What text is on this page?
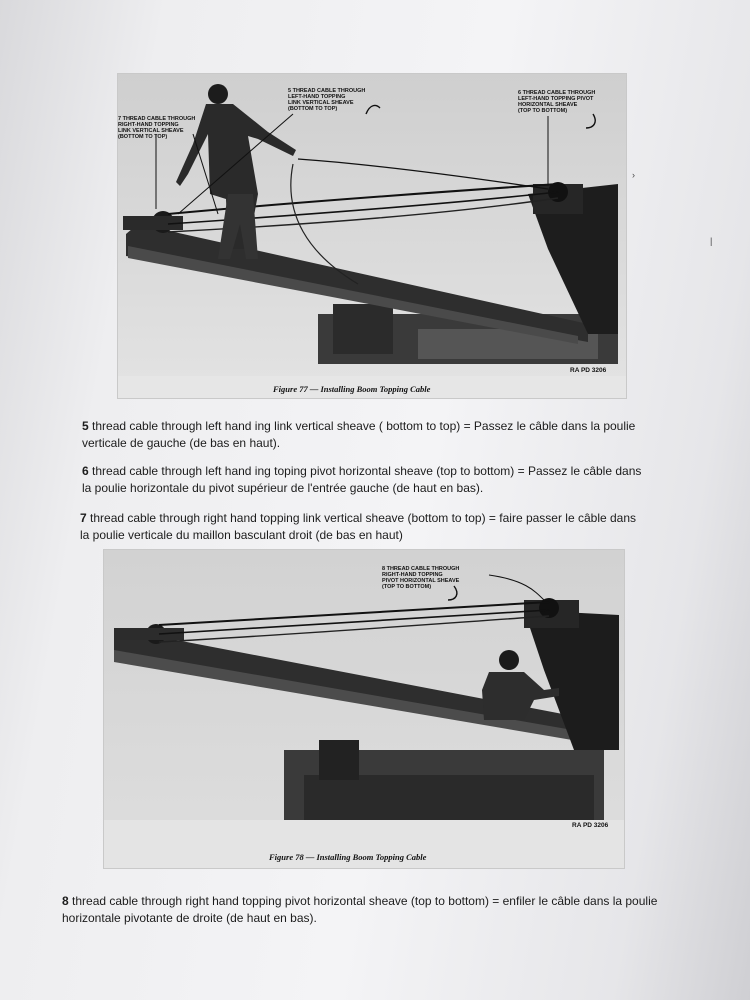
5 THREAD CABLE THROUGH
LEFT-HAND TOPPING
LINK VERTICAL SHEAVE
(BOTTOM TO TOP)

6 THREAD CABLE THROUGH
LEFT-HAND TOPPING PIVOT
HORIZONTAL SHEAVE
(TOP TO BOTTOM)

7 THREAD CABLE THROUGH
RIGHT-HAND TOPPING
LINK VERTICAL SHEAVE
(BOTTOM TO TOP)

RA PD 3206
Figure 77 — Installing Boom Topping Cable
5 thread cable through left hand ing link vertical sheave ( bottom to top) = Passez le câble dans la poulie verticale de gauche (de bas en haut).
6 thread cable through left hand ing toping pivot horizontal sheave (top to bottom) = Passez le câble dans la poulie horizontale du pivot supérieur de l'entrée gauche (de haut en bas).
7 thread cable through right hand topping link vertical sheave (bottom to top) = faire passer le câble dans la poulie verticale du maillon basculant droit (de bas en haut)

8 THREAD CABLE THROUGH
RIGHT-HAND TOPPING
PIVOT HORIZONTAL SHEAVE
(TOP TO BOTTOM)

RA PD 3206
Figure 78 — Installing Boom Topping Cable
8 thread cable through right hand topping pivot horizontal sheave (top to bottom) = enfiler le câble dans la poulie horizontale pivotante de droite (de haut en bas).
›
|
